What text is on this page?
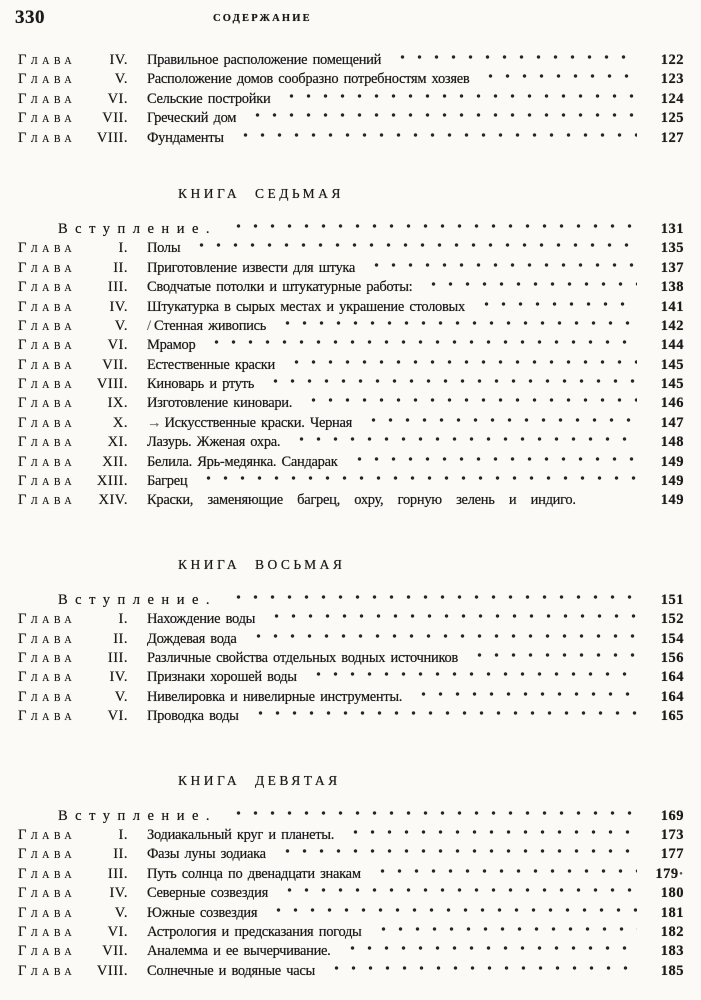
330	СОДЕРЖАНИЕ
Глава	IV. Правильное расположение помещений	122
Глава	V. Расположение домов сообразно потребностям хозяев	123
Глава	VI. Сельские постройки	124
Глава	VII. Греческий дом	125
Глава	VIII. Фундаменты	127
КНИГА СЕДЬМАЯ
Вступление.	131
Глава	I. Полы	135
Глава	II. Приготовление извести для штука	137
Глава	III. Сводчатые потолки и штукатурные работы:	138
Глава	IV. Штукатурка в сырых местах и украшение столовых	141
Глава	V. / Стенная живопись	142
Глава	VI. Мрамор	144
Глава	VII. Естественные краски	145
Глава	VIII. Киноварь и ртуть	145
Глава	IX. Изготовление киновари.	146
Глава	X. → Искусственные краски. Черная	147
Глава	XI. Лазурь. Жженая охра.	148
Глава	XII. Белила. Ярь-медянка. Сандарак	149
Глава	XIII. Багрец	149
Глава	XIV. Краски, заменяющие багрец, охру, горную зелень и индиго.	149
КНИГА ВОСЬМАЯ
Вступление.	151
Глава	I. Нахождение воды	152
Глава	II. Дождевая вода	154
Глава	III. Различные свойства отдельных водных источников	156
Глава	IV. Признаки хорошей воды	164
Глава	V. Нивелировка и нивелирные инструменты.	164
Глава	VI. Проводка воды	165
КНИГА ДЕВЯТАЯ
Вступление.	169
Глава	I. Зодиакальный круг и планеты.	173
Глава	II. Фазы луны зодиака	177
Глава	III. Путь солнца по двенадцати знакам	179·
Глава	IV. Северные созвездия	180
Глава	V. Южные созвездия	181
Глава	VI. Астрология и предсказания погоды	182
Глава	VII. Аналемма и ее вычерчивание.	183
Глава	VIII. Солнечные и водяные часы	185
